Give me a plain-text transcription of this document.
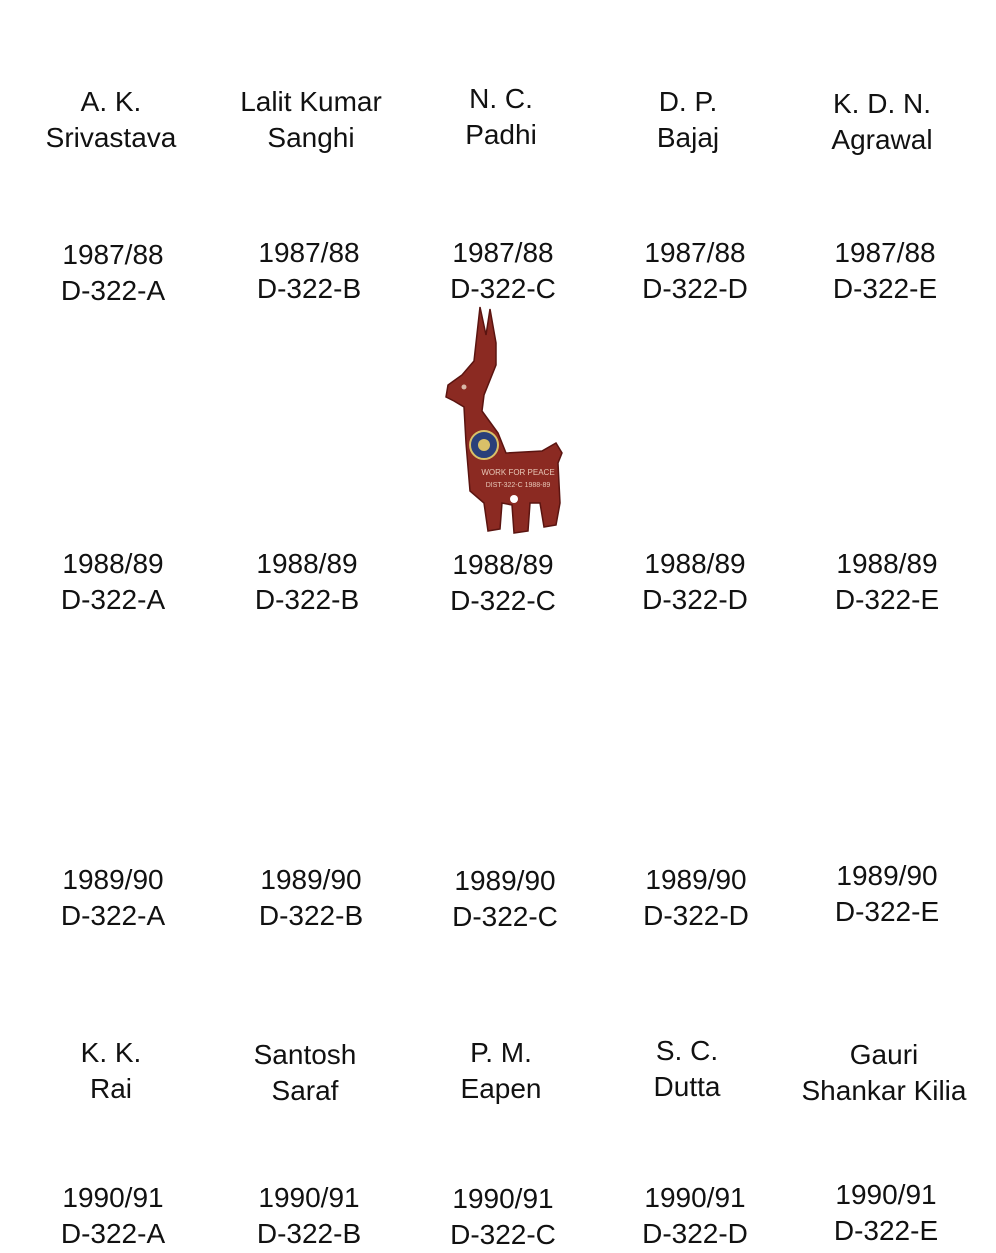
A. K.
Srivastava
Lalit Kumar
Sanghi
N. C.
Padhi
D. P.
Bajaj
K. D. N.
Agrawal
1987/88
D-322-A
1987/88
D-322-B
1987/88
D-322-C
1987/88
D-322-D
1987/88
D-322-E
1988/89
D-322-A
1988/89
D-322-B
1988/89
D-322-C
1988/89
D-322-D
1988/89
D-322-E
1989/90
D-322-A
1989/90
D-322-B
1989/90
D-322-C
1989/90
D-322-D
1989/90
D-322-E
K. K.
Rai
Santosh
Saraf
P. M.
Eapen
S. C.
Dutta
Gauri
Shankar Kilia
1990/91
D-322-A
1990/91
D-322-B
1990/91
D-322-C
1990/91
D-322-D
1990/91
D-322-E
WORK FOR PEACE
DIST-322-C 1988-89
